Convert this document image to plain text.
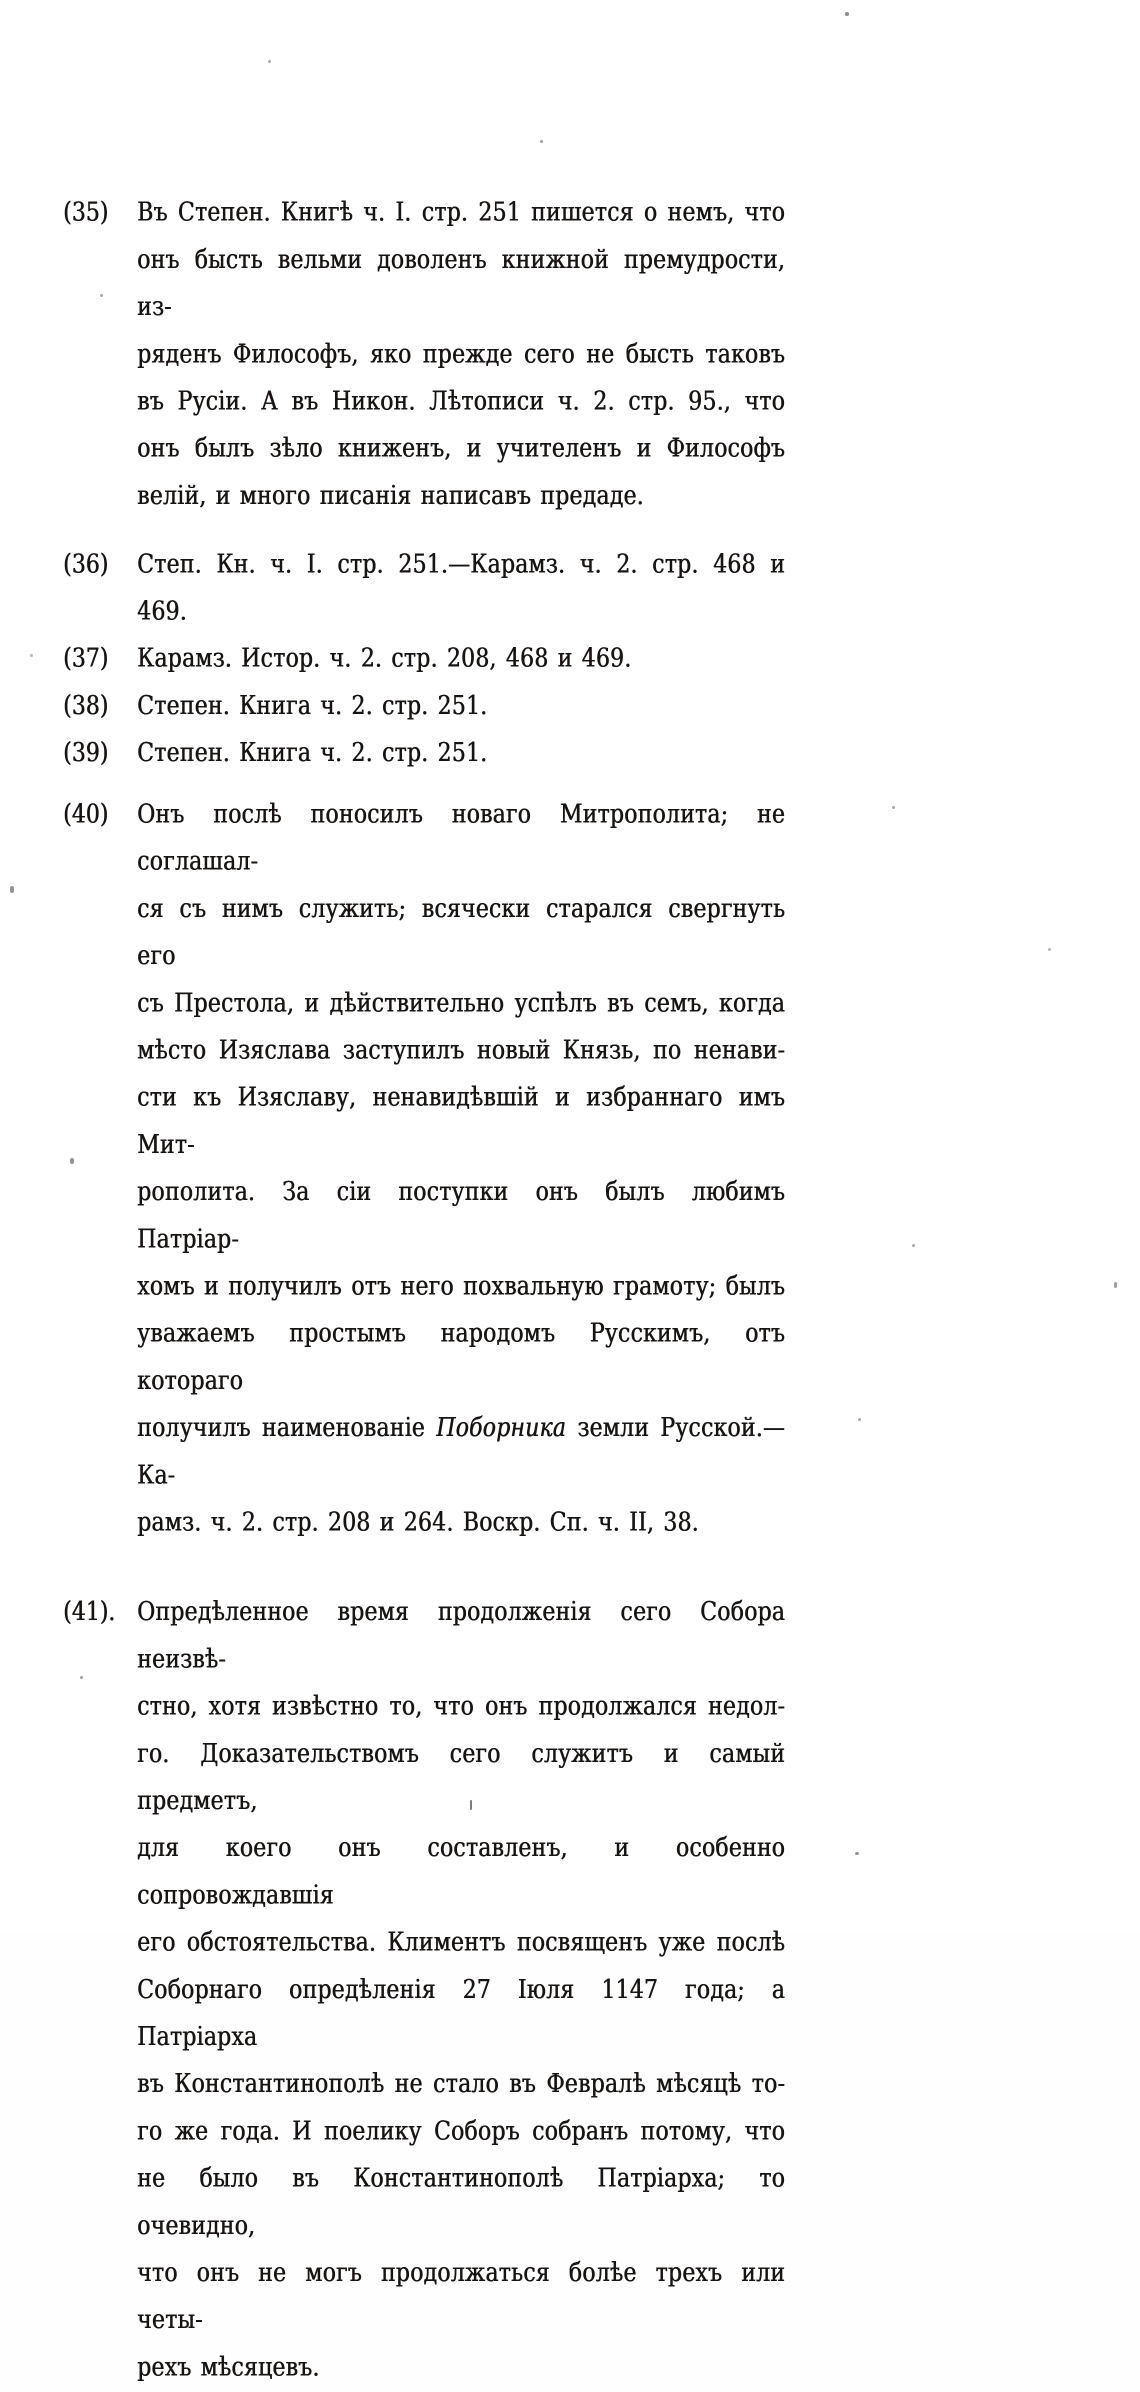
(35) Въ Степен. Книгѣ ч. I. стр. 251 пишется о немъ, что
онъ бысть вельми доволенъ книжной премудрости, из-
ряденъ Философъ, яко прежде сего не бысть таковъ
въ Русіи. А въ Никон. Лѣтописи ч. 2. стр. 95., что
онъ былъ зѣло книженъ, и учителенъ и Философъ
велій, и много писанія написавъ предаде.
(36) Степ. Кн. ч. I. стр. 251.—Карамз. ч. 2. стр. 468 и 469.
(37) Карамз. Истор. ч. 2. стр. 208, 468 и 469.
(38) Степен. Книга ч. 2. стр. 251.
(39) Степен. Книга ч. 2. стр. 251.
(40) Онъ послѣ поносилъ новаго Митрополита; не соглашал-
ся съ нимъ служить; всячески старался свергнуть его
съ Престола, и дѣйствительно успѣлъ въ семъ, когда
мѣсто Изяслава заступилъ новый Князь, по ненави-
сти къ Изяславу, ненавидѣвшій и избраннаго имъ Мит-
рополита. За сіи поступки онъ былъ любимъ Патріар-
хомъ и получилъ отъ него похвальную грамоту; былъ
уважаемъ простымъ народомъ Русскимъ, отъ котораго
получилъ наименованіе Поборника земли Русской.—Ка-
рамз. ч. 2. стр. 208 и 264. Воскр. Сп. ч. II, 38.
(41). Опредѣленное время продолженія сего Собора неизвѣ-
стно, хотя извѣстно то, что онъ продолжался недол-
го. Доказательствомъ сего служитъ и самый предметъ,
для коего онъ составленъ, и особенно сопровождавшія
его обстоятельства. Климентъ посвященъ уже послѣ
Соборнаго опредѣленія 27 Іюля 1147 года; а Патріарха
въ Константинополѣ не стало въ Февралѣ мѣсяцѣ то-
го же года. И поелику Соборъ собранъ потому, что
не было въ Константинополѣ Патріарха; то очевидно,
что онъ не могъ продолжаться болѣе трехъ или четы-
рехъ мѣсяцевъ.
